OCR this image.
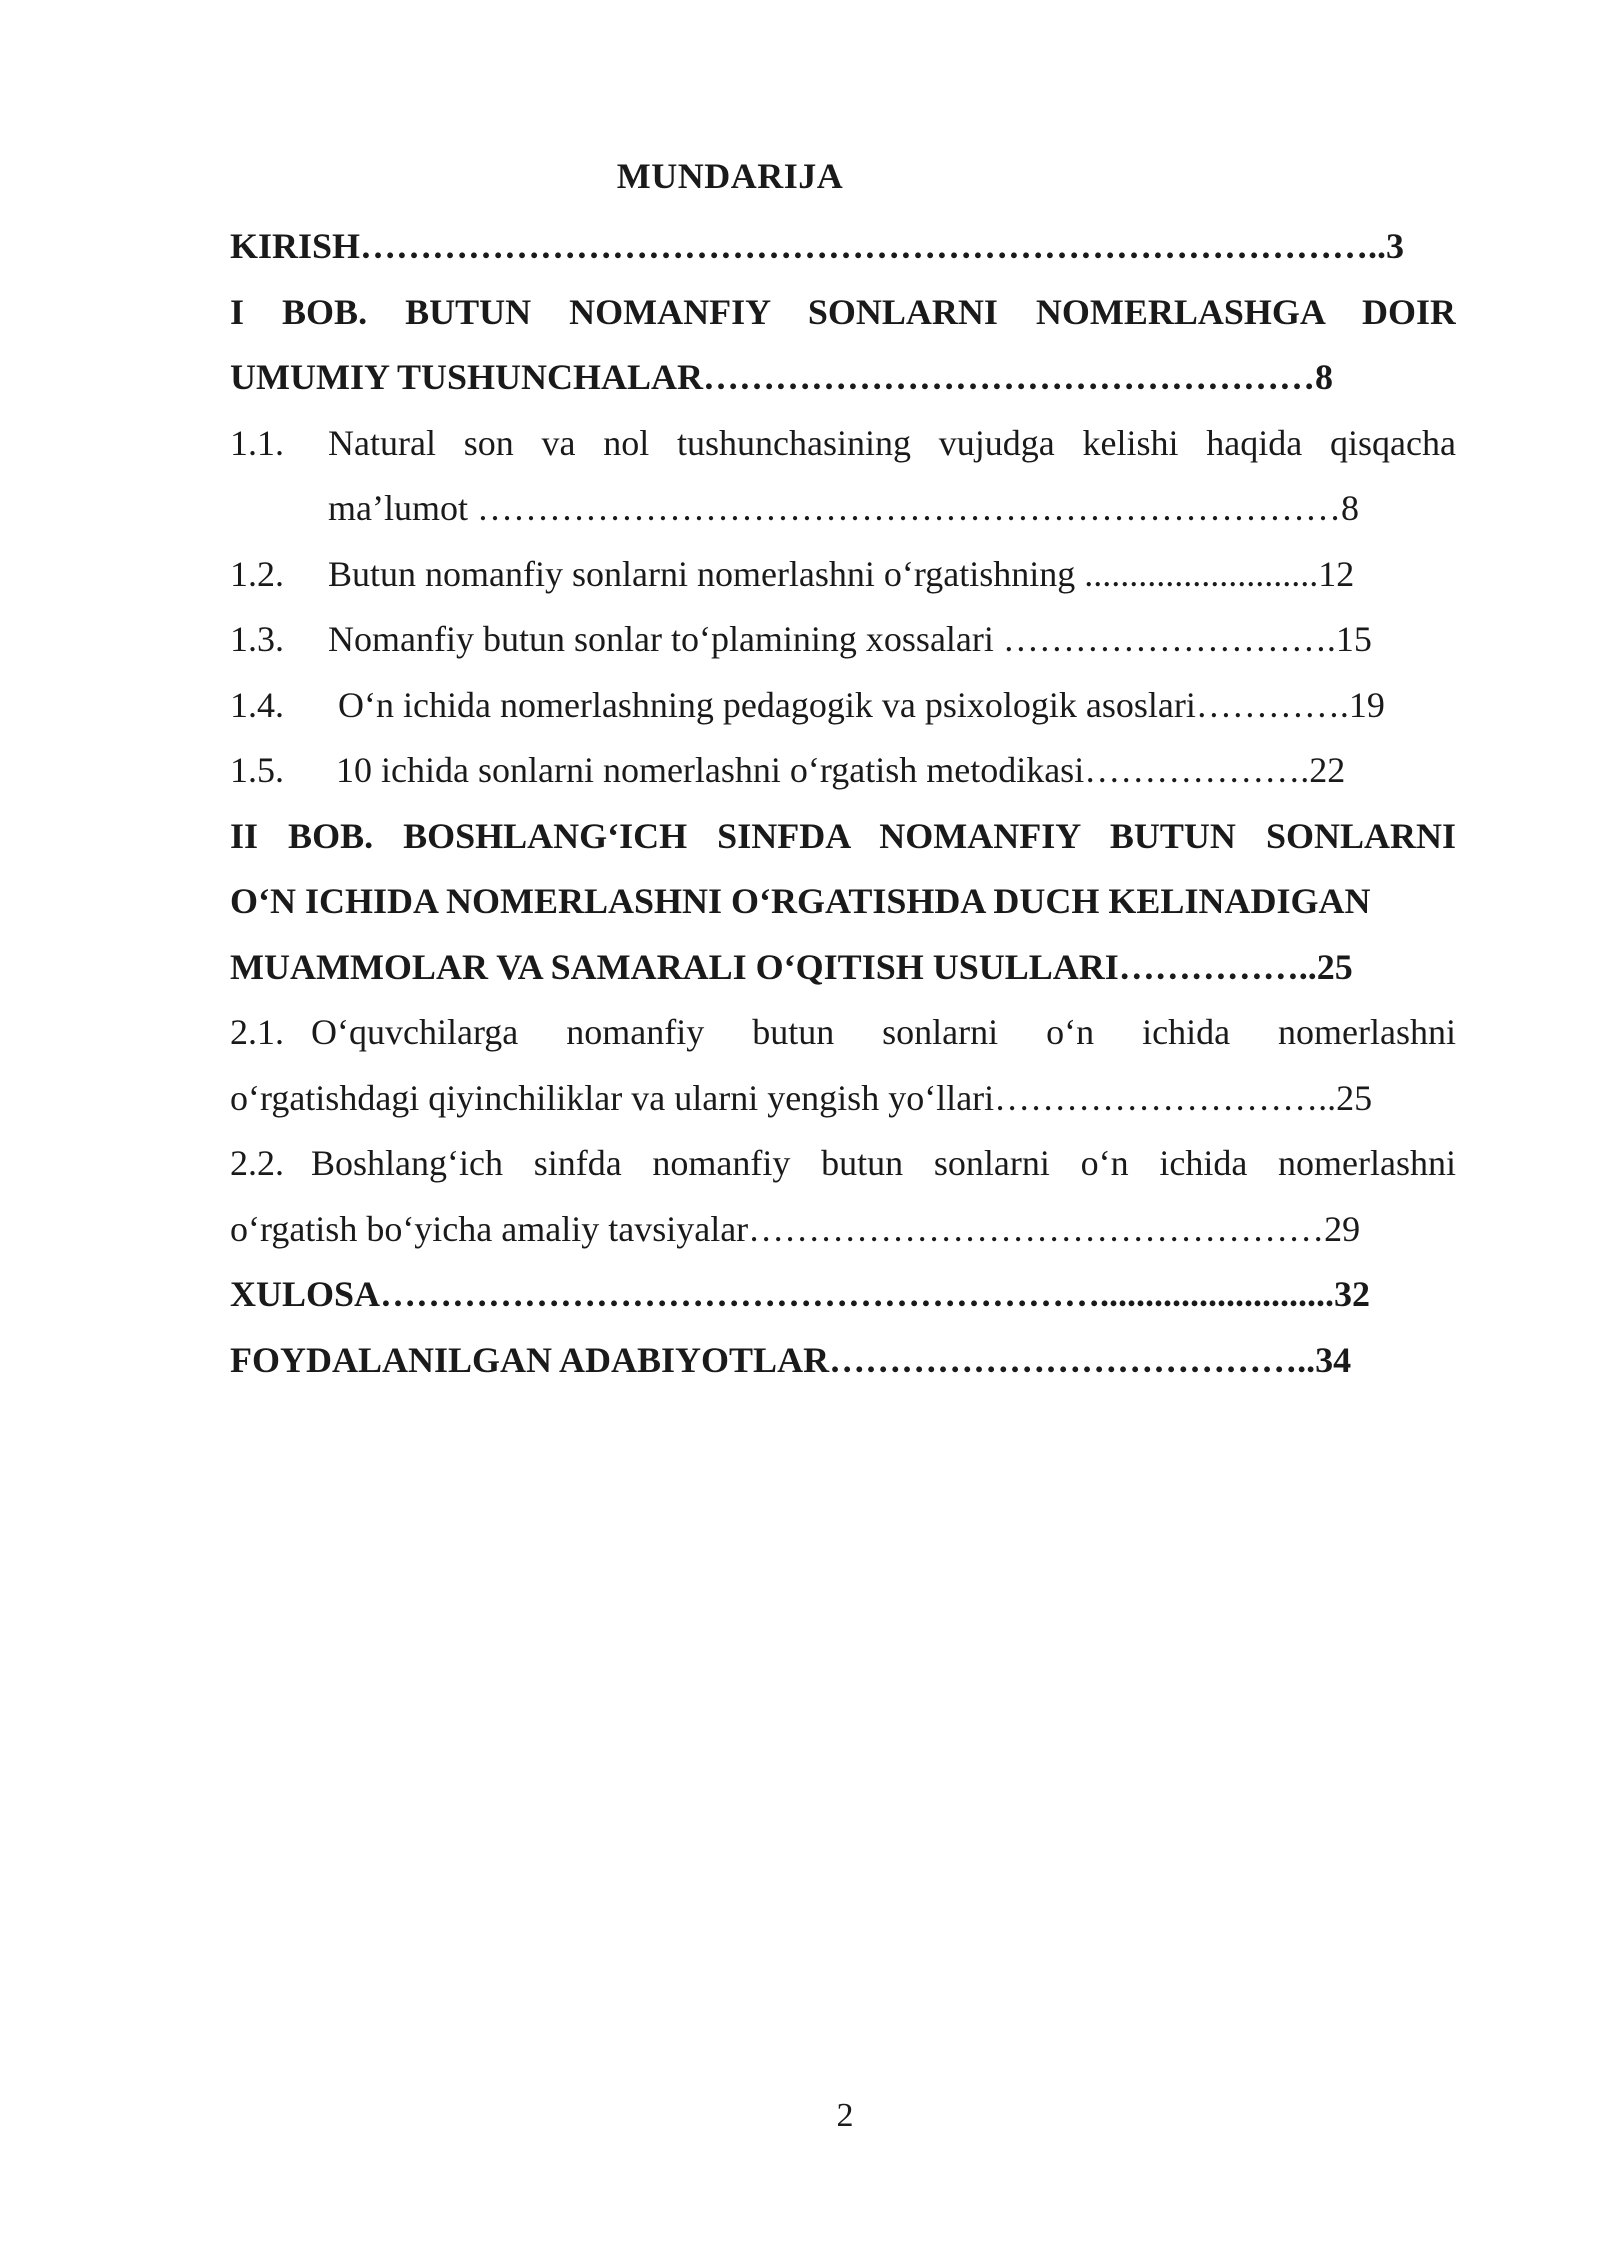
MUNDARIJA
KIRISH…………………………………………………………………………..3
I BOB. BUTUN NOMANFIY SONLARNI NOMERLASHGA DOIR
UMUMIY TUSHUNCHALAR……………………………………………8
1.1.	Natural son va nol tushunchasining vujudga kelishi haqida qisqacha
ma’lumot ………………………………………………………………8
1.2.	Butun nomanfiy sonlarni nomerlashni o‘rgatishning ..........................12
1.3.	Nomanfiy butun sonlar to‘plamining xossalari ……………………….15
1.4.	O‘n ichida nomerlashning pedagogik va psixologik asoslari………….19
1.5.	10 ichida sonlarni nomerlashni o‘rgatish metodikasi……………….22
II BOB. BOSHLANG‘ICH SINFDA NOMANFIY BUTUN SONLARNI
O‘N ICHIDA NOMERLASHNI O‘RGATISHDA DUCH KELINADIGAN
MUAMMOLAR VA SAMARALI O‘QITISH USULLARI……………..25
2.1. O‘quvchilarga nomanfiy butun sonlarni o‘n ichida nomerlashni
o‘rgatishdagi qiyinchiliklar va ularni yengish yo‘llari………………………..25
2.2. Boshlang‘ich sinfda nomanfiy butun sonlarni o‘n ichida nomerlashni
o‘rgatish bo‘yicha amaliy tavsiyalar…………………………………………29
XULOSA……………………………………………………..........................32
FOYDALANILGAN ADABIYOTLAR…………………………………..34
2
